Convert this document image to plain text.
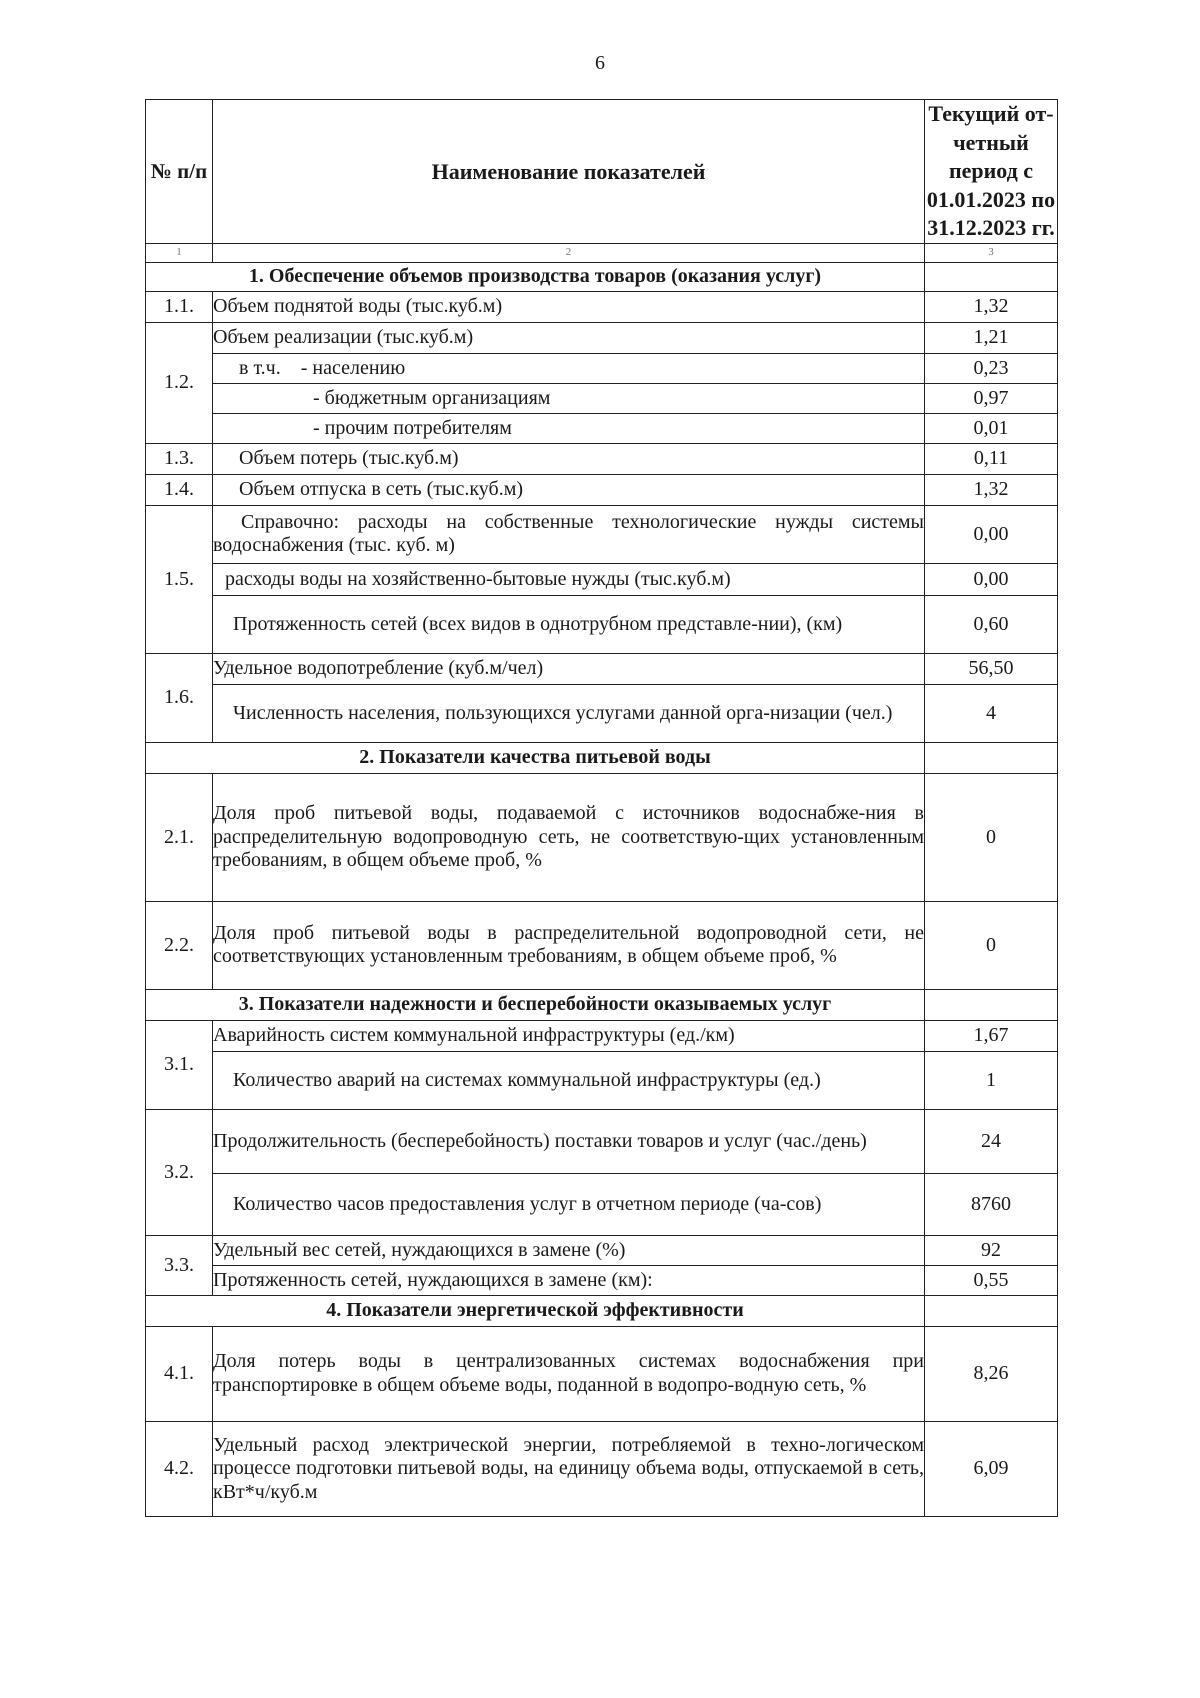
6
№ п/п	Наименование показателей	Текущий от-четный период с 01.01.2023 по 31.12.2023 гг.
1	2	3
1. Обеспечение объемов производства товаров (оказания услуг)		
1.1.	Объем поднятой воды (тыс.куб.м)	1,32
1.2.	Объем реализации (тыс.куб.м)	1,21
	в т.ч.    - населению	0,23
	- бюджетным организациям	0,97
	- прочим потребителям	0,01
1.3.	Объем потерь (тыс.куб.м)	0,11
1.4.	Объем отпуска в сеть (тыс.куб.м)	1,32
1.5.	Справочно: расходы на собственные технологические нужды системы водоснабжения (тыс. куб. м)	0,00
	расходы воды на хозяйственно-бытовые нужды (тыс.куб.м)	0,00
	Протяженность сетей (всех видов в однотрубном представле-нии), (км)	0,60
1.6.	Удельное водопотребление (куб.м/чел)	56,50
	Численность населения, пользующихся услугами данной орга-низации (чел.)	4
2. Показатели качества питьевой воды		
2.1.	Доля проб питьевой воды, подаваемой с источников водоснабже-ния в распределительную водопроводную сеть, не соответствую-щих установленным требованиям, в общем объеме проб, %	0
2.2.	Доля проб питьевой воды в распределительной водопроводной сети, не соответствующих установленным требованиям, в общем объеме проб, %	0
3. Показатели надежности и бесперебойности оказываемых услуг		
3.1.	Аварийность систем коммунальной инфраструктуры (ед./км)	1,67
	Количество аварий на системах коммунальной инфраструктуры (ед.)	1
3.2.	Продолжительность (бесперебойность) поставки товаров и услуг (час./день)	24
	Количество часов предоставления услуг в отчетном периоде (ча-сов)	8760
3.3.	Удельный вес сетей, нуждающихся в замене (%)	92
	Протяженность сетей, нуждающихся в замене (км):	0,55
4. Показатели энергетической эффективности		
4.1.	Доля потерь воды в централизованных системах водоснабжения при транспортировке в общем объеме воды, поданной в водопро-водную сеть, %	8,26
4.2.	Удельный расход электрической энергии, потребляемой в техно-логическом процессе подготовки питьевой воды, на единицу объема воды, отпускаемой в сеть, кВт*ч/куб.м	6,09
